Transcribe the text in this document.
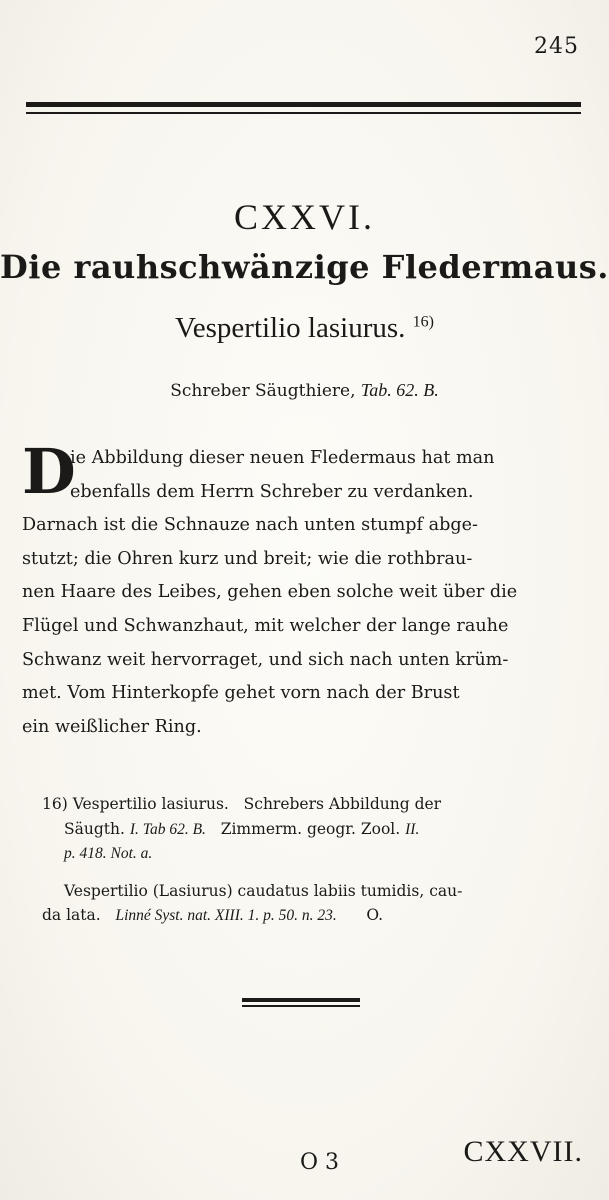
245
CXXVI.
Die rauhschwänzige Fledermaus.
Vespertilio lasiurus. $^{16)}$
Schreber Säugthiere, Tab. 62. B.
D
ie Abbildung dieser neuen Fledermaus hat man
ebenfalls dem Herrn Schreber zu verdanken.
Darnach ist die Schnauze nach unten stumpf abge-
stutzt; die Ohren kurz und breit; wie die rothbrau-
nen Haare des Leibes, gehen eben solche weit über die
Flügel und Schwanzhaut, mit welcher der lange rauhe
Schwanz weit hervorraget, und sich nach unten krüm-
met. Vom Hinterkopfe gehet vorn nach der Brust
ein weißlicher Ring.
16) Vespertilio lasiurus. Schrebers Abbildung der
Säugth. I. Tab 62. B. Zimmerm. geogr. Zool. II.
p. 418. Not. a.
Vespertilio (Lasiurus) caudatus labiis tumidis, cau-
da lata. Linné Syst. nat. XIII. 1. p. 50. n. 23. O.
O 3	CXXVII.
